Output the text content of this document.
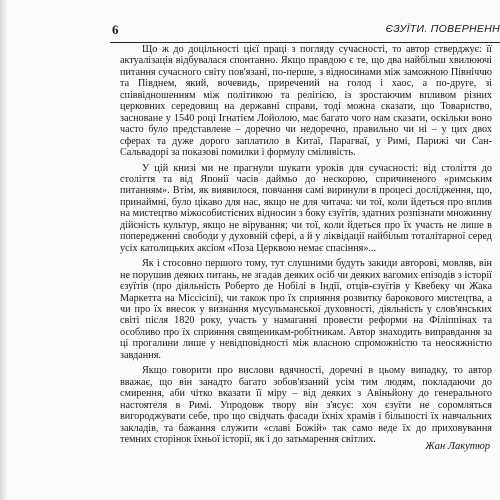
6	ЄЗУЇТИ. ПОВЕРНЕНН

Що ж до доцільності цієї праці з погляду сучасності, то автор стверджує: її актуалізація відбувалася спонтанно. Якщо правдою є те, що два найбільш хвилюючі питання сучасного світу пов'язані, по-перше, з відносинами між заможною Північчю та Півднем, який, вочевидь, приречений на голод і хаос, а по-друге, зі співвідношенням між політикою та релігією, із зростаючим впливом різних церковних середовищ на державні справи, тоді можна сказати, що Товариство, засноване у 1540 році Ігнатієм Лойолою, має багато чого нам сказати, оскільки воно часто було представлене – доречно чи недоречно, правильно чи ні – у цих двох сферах та дуже дорого заплатило в Китаї, Парагваї, у Римі, Парижі чи Сан-Сальвадорі за показові помилки і формулу сміливість.

У цій книзі ми не прагнули шукати уроків для сучасності: від століття до століття та від Японії часів даймьо до нескорою, спричиненого «римським питанням». Втім, як виявилося, повчання самі виринули в процесі дослідження, що, принаймні, було цікаво для нас, якщо не для читача: чи тої, коли йдеться про вплив на мистецтво міжособистісних відносин з боку єзуїтів, здатних розпізнати множинну дійсність культур, якщо не вірування; чи тої, коли йдеться про їх участь не лише в попередженні свободи у духовній сфері, а й у ліквідації найбільш тоталітарної серед усіх католицьких аксіом «Поза Церквою немає спасіння»...

Як і стосовно першого тому, тут слушними будуть закиди авторові, мовляв, він не порушив деяких питань, не згадав деяких осіб чи деяких вагомих епізодів з історії єзуїтів (про діяльність Роберто де Нобілі в Індії, отців-єзуїтів у Квебеку чи Жака Маркетта на Міссісіпі), чи також про їх сприяння розвитку барокового мистецтва, а чи про їх внесок у визнання мусульманської духовності, діяльність у слов'янських світі після 1820 року, участь у намаганні провести реформи на Філіппінах та особливо про їх сприяння священикам-робітникам. Автор знаходить виправдання за ці прогалини лише у невідповідності між власною спроможністю та неосяжністю завдання.

Якщо говорити про вислови вдячності, доречні в цьому випадку, то автор вважає, що він занадто багато зобов'язаний усім тим людям, покладаючи до смирення, аби чітко вказати її міру – від деяких з Авіньйону до генерального настоятеля в Римі. Упродовж твору він з'ясує: хоч єзуїти не соромляться вигороджувати себе, про що свідчать фасади їхніх храмів і більшості їх навчальних закладів, та бажання служити «славі Божій» так само веде їх до приховування темних сторінок їхньої історії, як і до затьмарення світлих.

Жан Лакутюр
